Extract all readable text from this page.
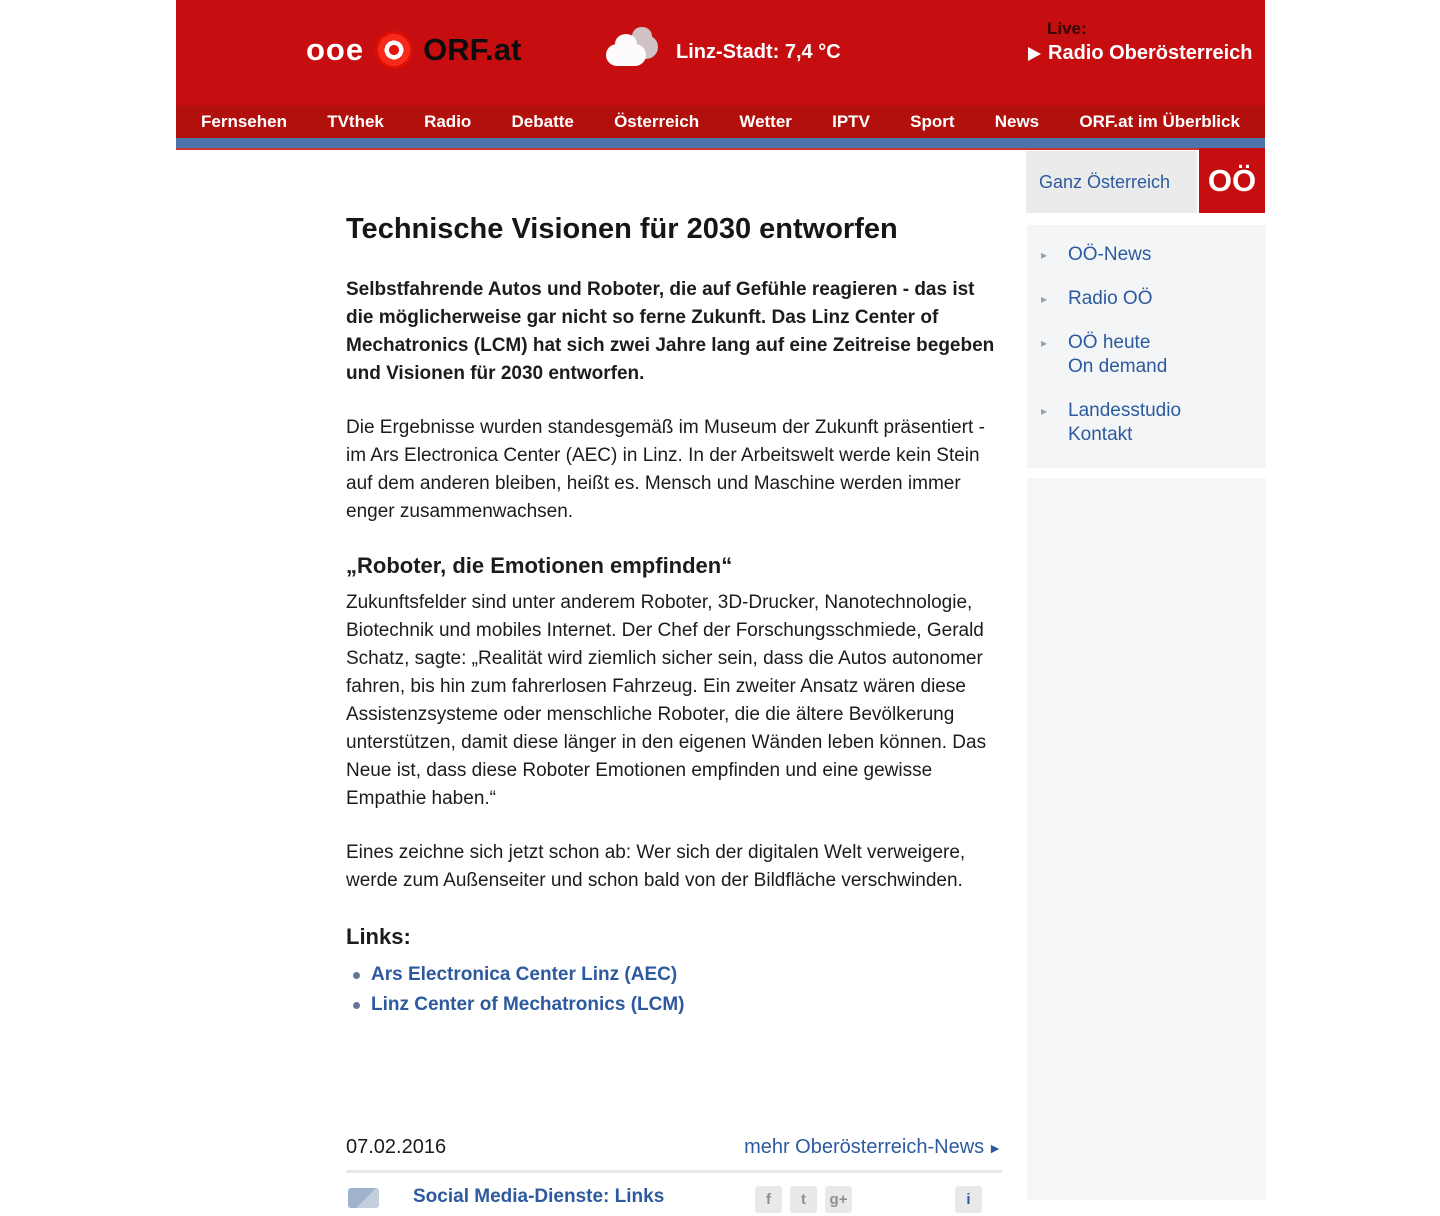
ooe ORF.at	Linz-Stadt: 7,4 °C
Live:
Radio Oberösterreich
Fernsehen TVthek Radio Debatte Österreich Wetter IPTV Sport News ORF.at im Überblick
Ganz Österreich OÖ
▸	OÖ-News
▸	Radio OÖ
▸	OÖ heute
On demand
▸	Landesstudio
Kontakt
Technische Visionen für 2030 entworfen

Selbstfahrende Autos und Roboter, die auf Gefühle reagieren - das ist die möglicherweise gar nicht so ferne Zukunft. Das Linz Center of Mechatronics (LCM) hat sich zwei Jahre lang auf eine Zeitreise begeben und Visionen für 2030 entworfen.

Die Ergebnisse wurden standesgemäß im Museum der Zukunft präsentiert - im Ars Electronica Center (AEC) in Linz. In der Arbeitswelt werde kein Stein auf dem anderen bleiben, heißt es. Mensch und Maschine werden immer enger zusammenwachsen.

„Roboter, die Emotionen empfinden“

Zukunftsfelder sind unter anderem Roboter, 3D-Drucker, Nanotechnologie, Biotechnik und mobiles Internet. Der Chef der Forschungsschmiede, Gerald Schatz, sagte: „Realität wird ziemlich sicher sein, dass die Autos autonomer fahren, bis hin zum fahrerlosen Fahrzeug. Ein zweiter Ansatz wären diese Assistenzsysteme oder menschliche Roboter, die die ältere Bevölkerung unterstützen, damit diese länger in den eigenen Wänden leben können. Das Neue ist, dass diese Roboter Emotionen empfinden und eine gewisse Empathie haben.“

Eines zeichne sich jetzt schon ab: Wer sich der digitalen Welt verweigere, werde zum Außenseiter und schon bald von der Bildfläche verschwinden.

Links:
Ars Electronica Center Linz (AEC)
Linz Center of Mechatronics (LCM)
07.02.2016	mehr Oberösterreich-News ►
Social Media-Dienste: Links	f	t	g+	i
